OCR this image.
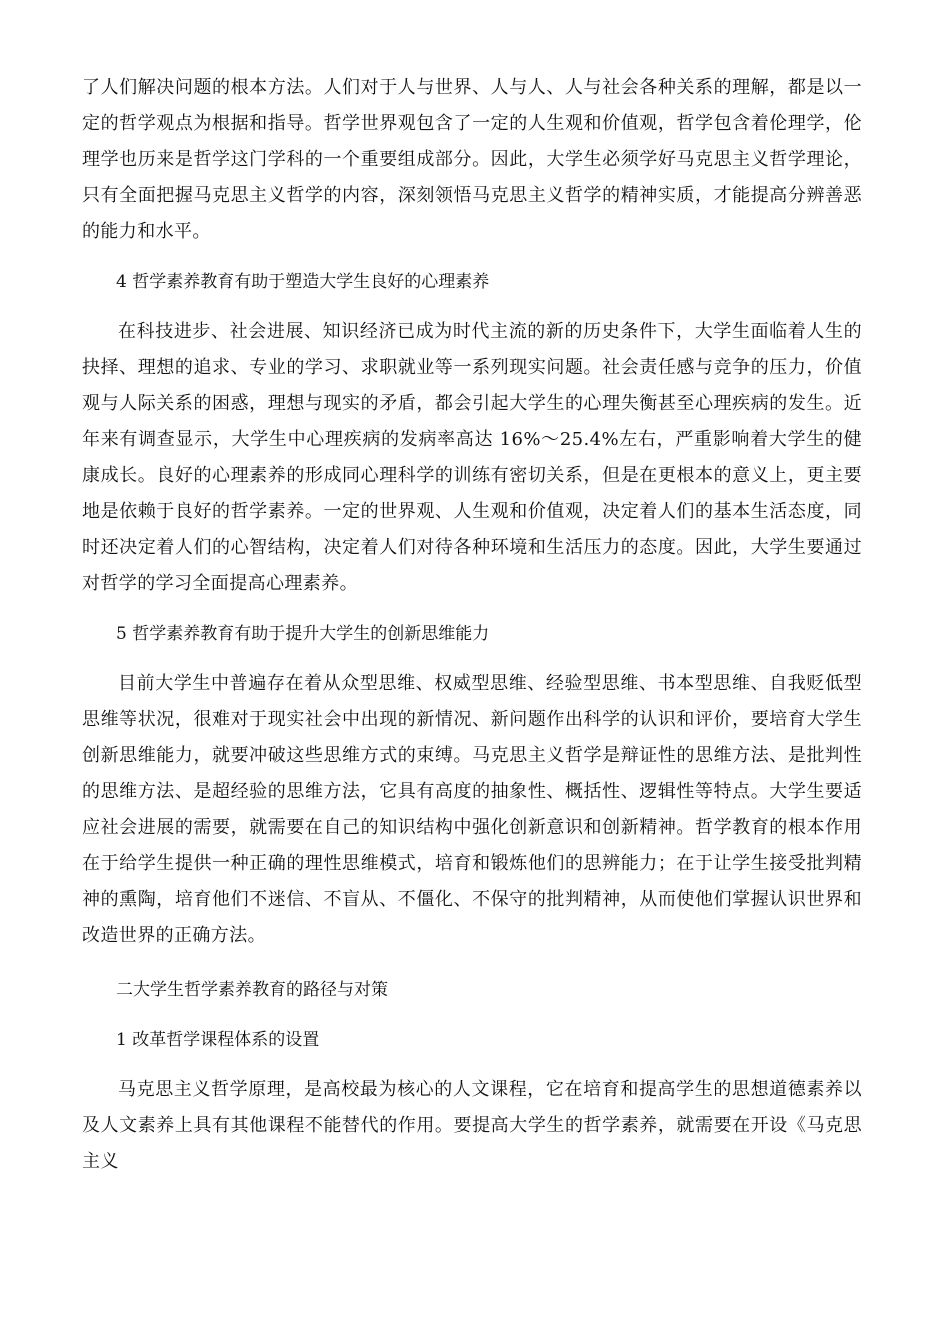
了人们解决问题的根本方法。人们对于人与世界、人与人、人与社会各种关系的理解，都是以一定的哲学观点为根据和指导。哲学世界观包含了一定的人生观和价值观，哲学包含着伦理学，伦理学也历来是哲学这门学科的一个重要组成部分。因此，大学生必须学好马克思主义哲学理论，只有全面把握马克思主义哲学的内容，深刻领悟马克思主义哲学的精神实质，才能提高分辨善恶的能力和水平。

4 哲学素养教育有助于塑造大学生良好的心理素养

在科技进步、社会进展、知识经济已成为时代主流的新的历史条件下，大学生面临着人生的抉择、理想的追求、专业的学习、求职就业等一系列现实问题。社会责任感与竞争的压力，价值观与人际关系的困惑，理想与现实的矛盾，都会引起大学生的心理失衡甚至心理疾病的发生。近年来有调查显示，大学生中心理疾病的发病率高达 16%～25.4%左右，严重影响着大学生的健康成长。良好的心理素养的形成同心理科学的训练有密切关系，但是在更根本的意义上，更主要地是依赖于良好的哲学素养。一定的世界观、人生观和价值观，决定着人们的基本生活态度，同时还决定着人们的心智结构，决定着人们对待各种环境和生活压力的态度。因此，大学生要通过对哲学的学习全面提高心理素养。

5 哲学素养教育有助于提升大学生的创新思维能力

目前大学生中普遍存在着从众型思维、权威型思维、经验型思维、书本型思维、自我贬低型思维等状况，很难对于现实社会中出现的新情况、新问题作出科学的认识和评价，要培育大学生创新思维能力，就要冲破这些思维方式的束缚。马克思主义哲学是辩证性的思维方法、是批判性的思维方法、是超经验的思维方法，它具有高度的抽象性、概括性、逻辑性等特点。大学生要适应社会进展的需要，就需要在自己的知识结构中强化创新意识和创新精神。哲学教育的根本作用在于给学生提供一种正确的理性思维模式，培育和锻炼他们的思辨能力；在于让学生接受批判精神的熏陶，培育他们不迷信、不盲从、不僵化、不保守的批判精神，从而使他们掌握认识世界和改造世界的正确方法。

二大学生哲学素养教育的路径与对策

1 改革哲学课程体系的设置

马克思主义哲学原理，是高校最为核心的人文课程，它在培育和提高学生的思想道德素养以及人文素养上具有其他课程不能替代的作用。要提高大学生的哲学素养，就需要在开设《马克思主义
